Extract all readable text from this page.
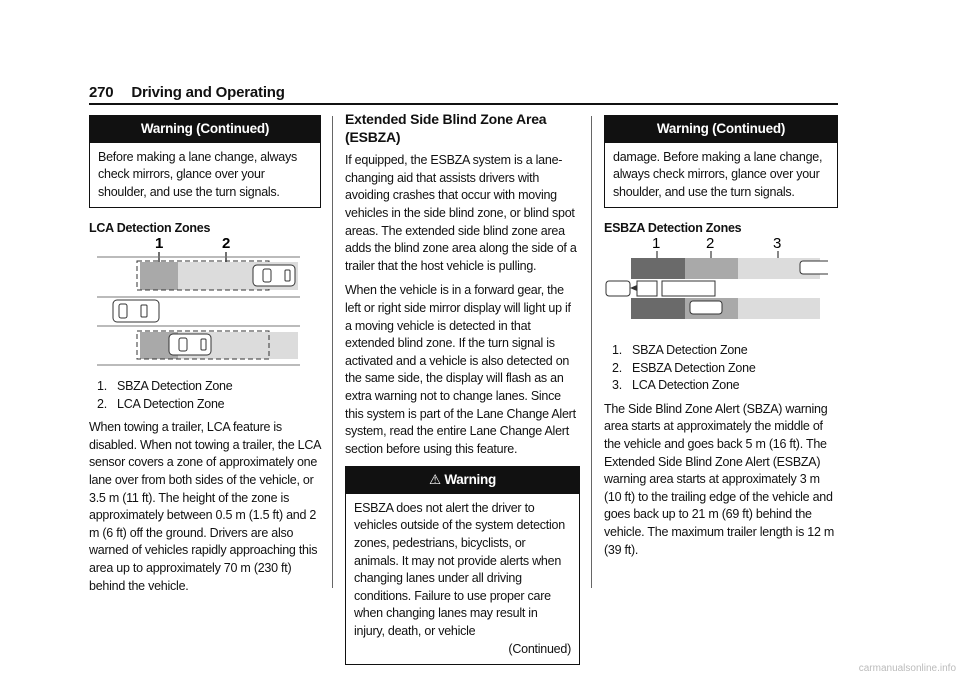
270 Driving and Operating
Warning (Continued)
Before making a lane change, always check mirrors, glance over your shoulder, and use the turn signals.

LCA Detection Zones

1	2
1. SBZA Detection Zone
2. LCA Detection Zone

When towing a trailer, LCA feature is disabled. When not towing a trailer, the LCA sensor covers a zone of approximately one lane over from both sides of the vehicle, or 3.5 m (11 ft). The height of the zone is approximately between 0.5 m (1.5 ft) and 2 m (6 ft) off the ground. Drivers are also warned of vehicles rapidly approaching this area up to approximately 70 m (230 ft) behind the vehicle.

Extended Side Blind Zone Area (ESBZA)

If equipped, the ESBZA system is a lane-changing aid that assists drivers with avoiding crashes that occur with moving vehicles in the side blind zone, or blind spot areas. The extended side blind zone area adds the blind zone area along the side of a trailer that the host vehicle is pulling.

When the vehicle is in a forward gear, the left or right side mirror display will light up if a moving vehicle is detected in that extended blind zone. If the turn signal is activated and a vehicle is also detected on the same side, the display will flash as an extra warning not to change lanes. Since this system is part of the Lane Change Alert system, read the entire Lane Change Alert section before using this feature.

⚠ Warning
ESBZA does not alert the driver to vehicles outside of the system detection zones, pedestrians, bicyclists, or animals. It may not provide alerts when changing lanes under all driving conditions. Failure to use proper care when changing lanes may result in injury, death, or vehicle
(Continued)
Warning (Continued)
damage. Before making a lane change, always check mirrors, glance over your shoulder, and use the turn signals.

ESBZA Detection Zones

1	2	3
1. SBZA Detection Zone
2. ESBZA Detection Zone
3. LCA Detection Zone

The Side Blind Zone Alert (SBZA) warning area starts at approximately the middle of the vehicle and goes back 5 m (16 ft). The Extended Side Blind Zone Alert (ESBZA) warning area starts at approximately 3 m (10 ft) to the trailing edge of the vehicle and goes back up to 21 m (69 ft) behind the vehicle. The maximum trailer length is 12 m (39 ft).

carmanualsonline.info
